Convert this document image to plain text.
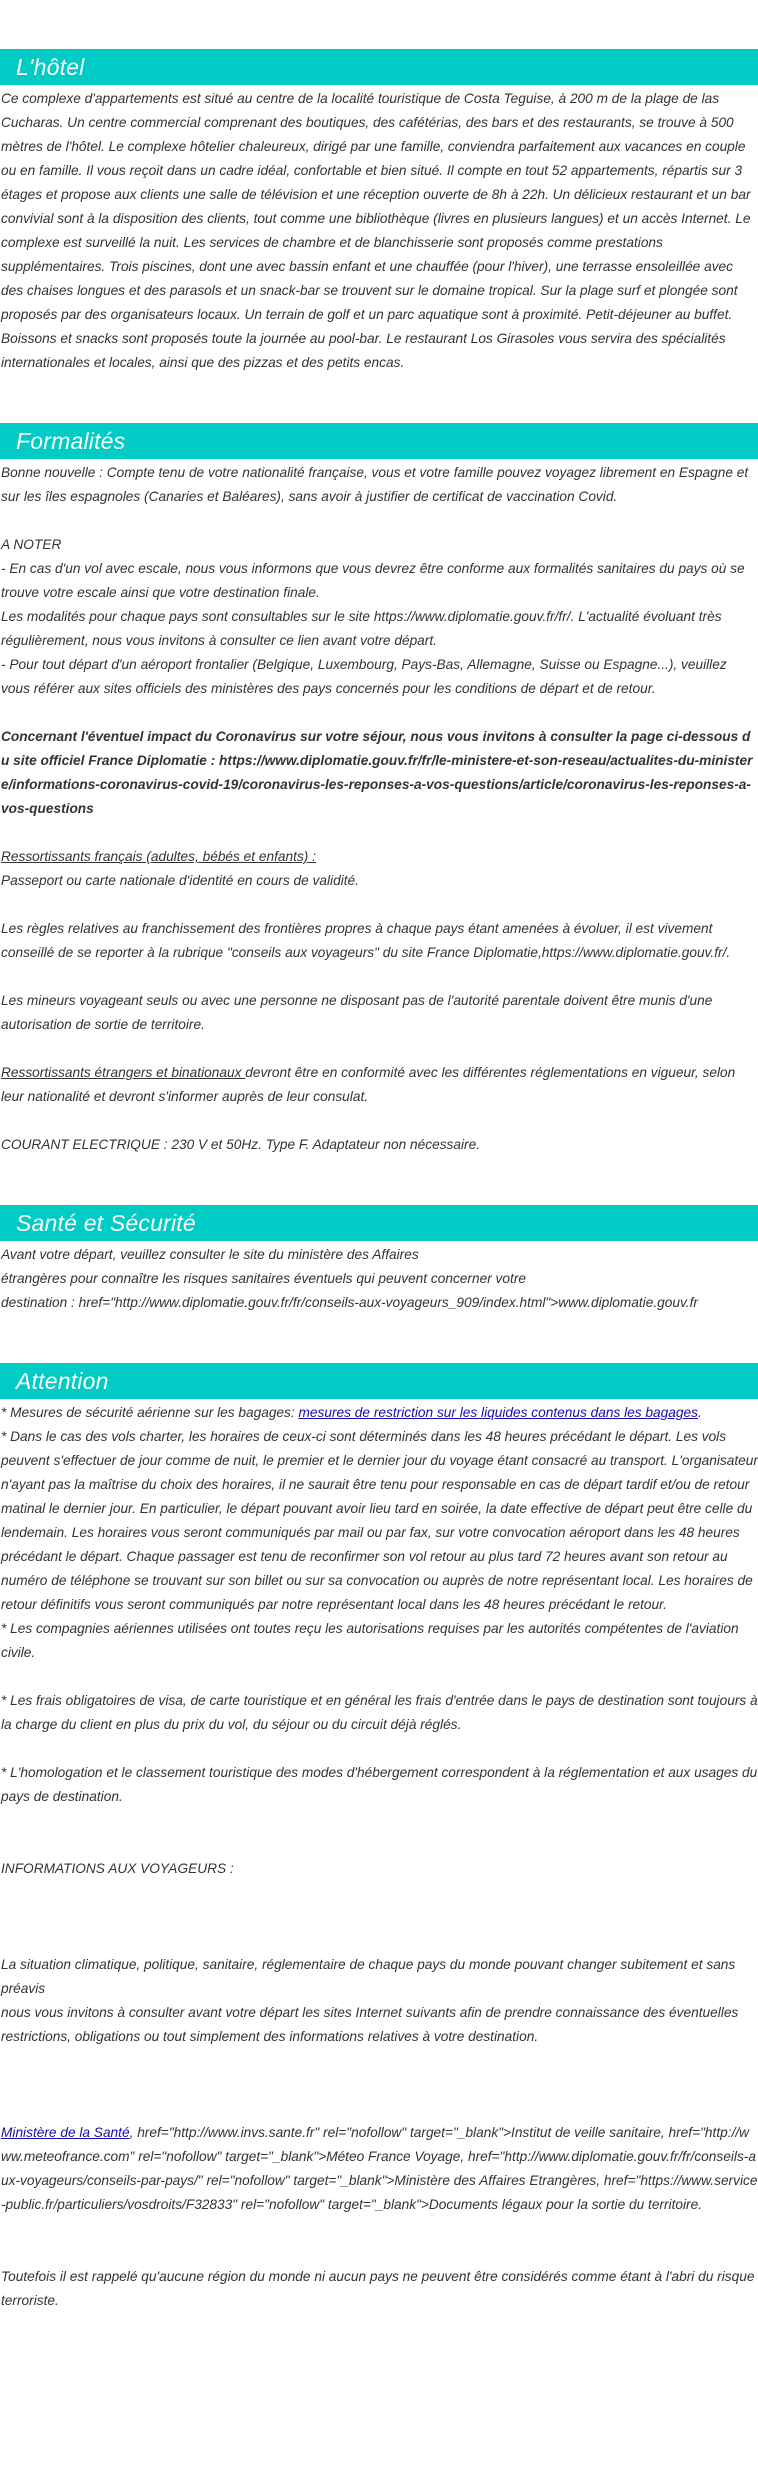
L'hôtel

Ce complexe d'appartements est situé au centre de la localité touristique de Costa Teguise, à 200 m de la plage de las Cucharas. Un centre commercial comprenant des boutiques, des cafétérias, des bars et des restaurants, se trouve à 500 mètres de l'hôtel. Le complexe hôtelier chaleureux, dirigé par une famille, conviendra parfaitement aux vacances en couple ou en famille. Il vous reçoit dans un cadre idéal, confortable et bien situé. Il compte en tout 52 appartements, répartis sur 3 étages et propose aux clients une salle de télévision et une réception ouverte de 8h à 22h. Un délicieux restaurant et un bar convivial sont à la disposition des clients, tout comme une bibliothèque (livres en plusieurs langues) et un accès Internet. Le complexe est surveillé la nuit. Les services de chambre et de blanchisserie sont proposés comme prestations supplémentaires. Trois piscines, dont une avec bassin enfant et une chauffée (pour l'hiver), une terrasse ensoleillée avec des chaises longues et des parasols et un snack-bar se trouvent sur le domaine tropical. Sur la plage surf et plongée sont proposés par des organisateurs locaux. Un terrain de golf et un parc aquatique sont à proximité. Petit-déjeuner au buffet. Boissons et snacks sont proposés toute la journée au pool-bar. Le restaurant Los Girasoles vous servira des spécialités internationales et locales, ainsi que des pizzas et des petits encas.

Formalités
Bonne nouvelle : Compte tenu de votre nationalité française, vous et votre famille pouvez voyagez librement en Espagne et sur les îles espagnoles (Canaries et Baléares), sans avoir à justifier de certificat de vaccination Covid.
A NOTER
- En cas d'un vol avec escale, nous vous informons que vous devrez être conforme aux formalités sanitaires du pays où se trouve votre escale ainsi que votre destination finale.
Les modalités pour chaque pays sont consultables sur le site https://www.diplomatie.gouv.fr/fr/. L'actualité évoluant très régulièrement, nous vous invitons à consulter ce lien avant votre départ.
- Pour tout départ d'un aéroport frontalier (Belgique, Luxembourg, Pays-Bas, Allemagne, Suisse ou Espagne...), veuillez vous référer aux sites officiels des ministères des pays concernés pour les conditions de départ et de retour.
Concernant l'éventuel impact du Coronavirus sur votre séjour, nous vous invitons à consulter la page ci-dessous du site officiel France Diplomatie : https://www.diplomatie.gouv.fr/fr/le-ministere-et-son-reseau/actualites-du-ministere/informations-coronavirus-covid-19/coronavirus-les-reponses-a-vos-questions/article/coronavirus-les-reponses-a-vos-questions
Ressortissants français (adultes, bébés et enfants) :
Passeport ou carte nationale d'identité en cours de validité.
Les règles relatives au franchissement des frontières propres à chaque pays étant amenées à évoluer, il est vivement conseillé de se reporter à la rubrique "conseils aux voyageurs" du site France Diplomatie,https://www.diplomatie.gouv.fr/.
Les mineurs voyageant seuls ou avec une personne ne disposant pas de l'autorité parentale doivent être munis d'une autorisation de sortie de territoire.
Ressortissants étrangers et binationaux devront être en conformité avec les différentes réglementations en vigueur, selon leur nationalité et devront s'informer auprès de leur consulat.
COURANT ELECTRIQUE : 230 V et 50Hz. Type F. Adaptateur non nécessaire.
Santé et Sécurité
Avant votre départ, veuillez consulter le site du ministère des Affaires
étrangères pour connaître les risques sanitaires éventuels qui peuvent concerner votre
destination : href="http://www.diplomatie.gouv.fr/fr/conseils-aux-voyageurs_909/index.html">www.diplomatie.gouv.fr
Attention
* Mesures de sécurité aérienne sur les bagages: mesures de restriction sur les liquides contenus dans les bagages.
* Dans le cas des vols charter, les horaires de ceux-ci sont déterminés dans les 48 heures précédant le départ. Les vols peuvent s'effectuer de jour comme de nuit, le premier et le dernier jour du voyage étant consacré au transport. L'organisateur n'ayant pas la maîtrise du choix des horaires, il ne saurait être tenu pour responsable en cas de départ tardif et/ou de retour matinal le dernier jour. En particulier, le départ pouvant avoir lieu tard en soirée, la date effective de départ peut être celle du lendemain. Les horaires vous seront communiqués par mail ou par fax, sur votre convocation aéroport dans les 48 heures précédant le départ. Chaque passager est tenu de reconfirmer son vol retour au plus tard 72 heures avant son retour au numéro de téléphone se trouvant sur son billet ou sur sa convocation ou auprès de notre représentant local. Les horaires de retour définitifs vous seront communiqués par notre représentant local dans les 48 heures précédant le retour.
* Les compagnies aériennes utilisées ont toutes reçu les autorisations requises par les autorités compétentes de l'aviation civile.
* Les frais obligatoires de visa, de carte touristique et en général les frais d'entrée dans le pays de destination sont toujours à la charge du client en plus du prix du vol, du séjour ou du circuit déjà réglés.
* L'homologation et le classement touristique des modes d'hébergement correspondent à la réglementation et aux usages du pays de destination.
INFORMATIONS AUX VOYAGEURS :
La situation climatique, politique, sanitaire, réglementaire de chaque pays du monde pouvant changer subitement et sans préavis
nous vous invitons à consulter avant votre départ les sites Internet suivants afin de prendre connaissance des éventuelles restrictions, obligations ou tout simplement des informations relatives à votre destination.
Ministère de la Santé, href="http://www.invs.sante.fr" rel="nofollow" target="_blank">Institut de veille sanitaire, href="http://www.meteofrance.com" rel="nofollow" target="_blank">Méteo France Voyage, href="http://www.diplomatie.gouv.fr/fr/conseils-aux-voyageurs/conseils-par-pays/" rel="nofollow" target="_blank">Ministère des Affaires Etrangères, href="https://www.service-public.fr/particuliers/vosdroits/F32833" rel="nofollow" target="_blank">Documents légaux pour la sortie du territoire.
Toutefois il est rappelé qu'aucune région du monde ni aucun pays ne peuvent être considérés comme étant à l'abri du risque terroriste.
